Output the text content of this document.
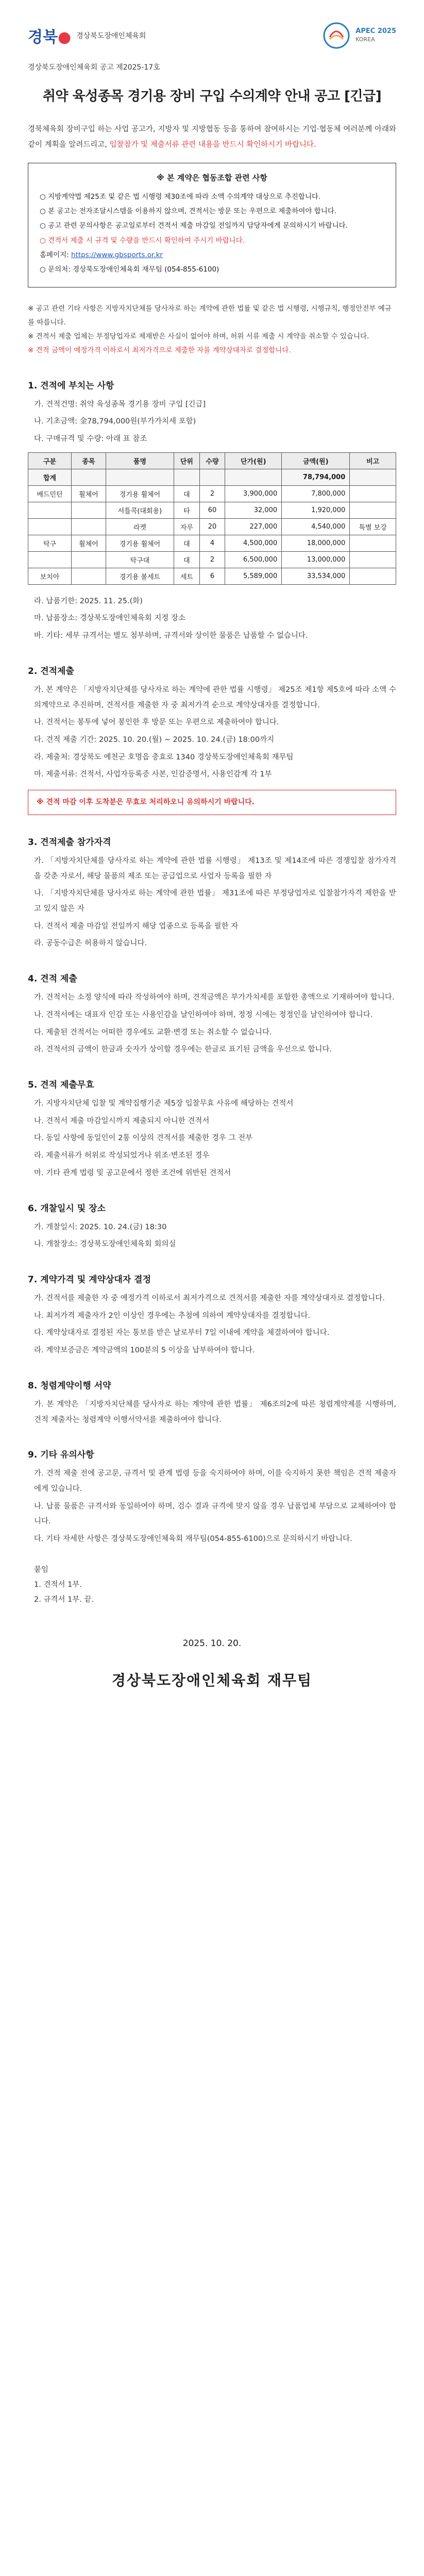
경북● 경상북도장애인체육회
APEC 2025
KOREA
경상북도장애인체육회 공고 제2025-17호
취약 육성종목 경기용 장비 구입 수의계약 안내 공고 [긴급]

경북체육회 장비구입 하는 사업 공고가, 지방자 및 지방협동 등을 통하여 참여하시는 기업·협동체 여러분께 아래와 같이 계획을 알려드리고, 입찰참가 및 제출서류 관련 내용을 반드시 확인하시기 바랍니다.

※ 본 계약은 협동조합 관련 사항

○ 지방계약법 제25조 및 같은 법 시행령 제30조에 따라 소액 수의계약 대상으로 추진합니다.

○ 본 공고는 전자조달시스템을 이용하지 않으며, 견적서는 방문 또는 우편으로 제출하여야 합니다.

○ 공고 관련 문의사항은 공고일로부터 견적서 제출 마감일 전일까지 담당자에게 문의하시기 바랍니다.

○ 견적서 제출 시 규격 및 수량을 반드시 확인하여 주시기 바랍니다.

홈페이지: https://www.gbsports.or.kr

○ 문의처: 경상북도장애인체육회 재무팀 (054-855-6100)

※ 공고 관련 기타 사항은 지방자치단체를 당사자로 하는 계약에 관한 법률 및 같은 법 시행령, 시행규칙, 행정안전부 예규를 따릅니다.
※ 견적서 제출 업체는 부정당업자로 제재받은 사실이 없어야 하며, 허위 서류 제출 시 계약을 취소할 수 있습니다.
※ 견적 금액이 예정가격 이하로서 최저가격으로 제출한 자를 계약상대자로 결정합니다.
1. 견적에 부치는 사항
가. 견적건명: 취약 육성종목 경기용 장비 구입 [긴급]
나. 기초금액: 金78,794,000원(부가가치세 포함)
다. 구매규격 및 수량: 아래 표 참조
구분	종목	품명	단위	수량	단가(원)	금액(원)	비고
합계						78,794,000	
배드민턴	휠체어	경기용 휠체어	대	2	3,900,000	7,800,000	
		셔틀콕(대회용)	타	60	32,000	1,920,000	
		라켓	자루	20	227,000	4,540,000	특별 보강
탁구	휠체어	경기용 휠체어	대	4	4,500,000	18,000,000	
		탁구대	대	2	6,500,000	13,000,000	
보치아		경기용 볼세트	세트	6	5,589,000	33,534,000	
라. 납품기한: 2025. 11. 25.(화)
마. 납품장소: 경상북도장애인체육회 지정 장소
바. 기타: 세부 규격서는 별도 첨부하며, 규격서와 상이한 물품은 납품할 수 없습니다.
2. 견적제출
가. 본 계약은 「지방자치단체를 당사자로 하는 계약에 관한 법률 시행령」 제25조 제1항 제5호에 따라 소액 수의계약으로 추진하며, 견적서를 제출한 자 중 최저가격 순으로 계약상대자를 결정합니다.
나. 견적서는 봉투에 넣어 봉인한 후 방문 또는 우편으로 제출하여야 합니다.
다. 견적 제출 기간: 2025. 10. 20.(월) ~ 2025. 10. 24.(금) 18:00까지
라. 제출처: 경상북도 예천군 호명읍 충효로 1340 경상북도장애인체육회 재무팀
마. 제출서류: 견적서, 사업자등록증 사본, 인감증명서, 사용인감계 각 1부
※ 견적 마감 이후 도착분은 무효로 처리하오니 유의하시기 바랍니다.
3. 견적제출 참가자격
가. 「지방자치단체를 당사자로 하는 계약에 관한 법률 시행령」 제13조 및 제14조에 따른 경쟁입찰 참가자격을 갖춘 자로서, 해당 물품의 제조 또는 공급업으로 사업자 등록을 필한 자
나. 「지방자치단체를 당사자로 하는 계약에 관한 법률」 제31조에 따른 부정당업자로 입찰참가자격 제한을 받고 있지 않은 자
다. 견적서 제출 마감일 전일까지 해당 업종으로 등록을 필한 자
라. 공동수급은 허용하지 않습니다.
4. 견적 제출
가. 견적서는 소정 양식에 따라 작성하여야 하며, 견적금액은 부가가치세를 포함한 총액으로 기재하여야 합니다.
나. 견적서에는 대표자 인감 또는 사용인감을 날인하여야 하며, 정정 시에는 정정인을 날인하여야 합니다.
다. 제출된 견적서는 어떠한 경우에도 교환·변경 또는 취소할 수 없습니다.
라. 견적서의 금액이 한글과 숫자가 상이할 경우에는 한글로 표기된 금액을 우선으로 합니다.
5. 견적 제출무효
가. 지방자치단체 입찰 및 계약집행기준 제5장 입찰무효 사유에 해당하는 견적서
나. 견적서 제출 마감일시까지 제출되지 아니한 견적서
다. 동일 사항에 동일인이 2통 이상의 견적서를 제출한 경우 그 전부
라. 제출서류가 허위로 작성되었거나 위조·변조된 경우
마. 기타 관계 법령 및 공고문에서 정한 조건에 위반된 견적서
6. 개찰일시 및 장소
가. 개찰일시: 2025. 10. 24.(금) 18:30
나. 개찰장소: 경상북도장애인체육회 회의실
7. 계약가격 및 계약상대자 결정
가. 견적서를 제출한 자 중 예정가격 이하로서 최저가격으로 견적서를 제출한 자를 계약상대자로 결정합니다.
나. 최저가격 제출자가 2인 이상인 경우에는 추첨에 의하여 계약상대자를 결정합니다.
다. 계약상대자로 결정된 자는 통보를 받은 날로부터 7일 이내에 계약을 체결하여야 합니다.
라. 계약보증금은 계약금액의 100분의 5 이상을 납부하여야 합니다.
8. 청렴계약이행 서약
가. 본 계약은 「지방자치단체를 당사자로 하는 계약에 관한 법률」 제6조의2에 따른 청렴계약제를 시행하며, 견적 제출자는 청렴계약 이행서약서를 제출하여야 합니다.
9. 기타 유의사항
가. 견적 제출 전에 공고문, 규격서 및 관계 법령 등을 숙지하여야 하며, 이를 숙지하지 못한 책임은 견적 제출자에게 있습니다.
나. 납품 물품은 규격서와 동일하여야 하며, 검수 결과 규격에 맞지 않을 경우 납품업체 부담으로 교체하여야 합니다.
다. 기타 자세한 사항은 경상북도장애인체육회 재무팀(054-855-6100)으로 문의하시기 바랍니다.
붙임
1. 견적서 1부.
2. 규격서 1부. 끝.
2025. 10. 20.
경상북도장애인체육회 재무팀
